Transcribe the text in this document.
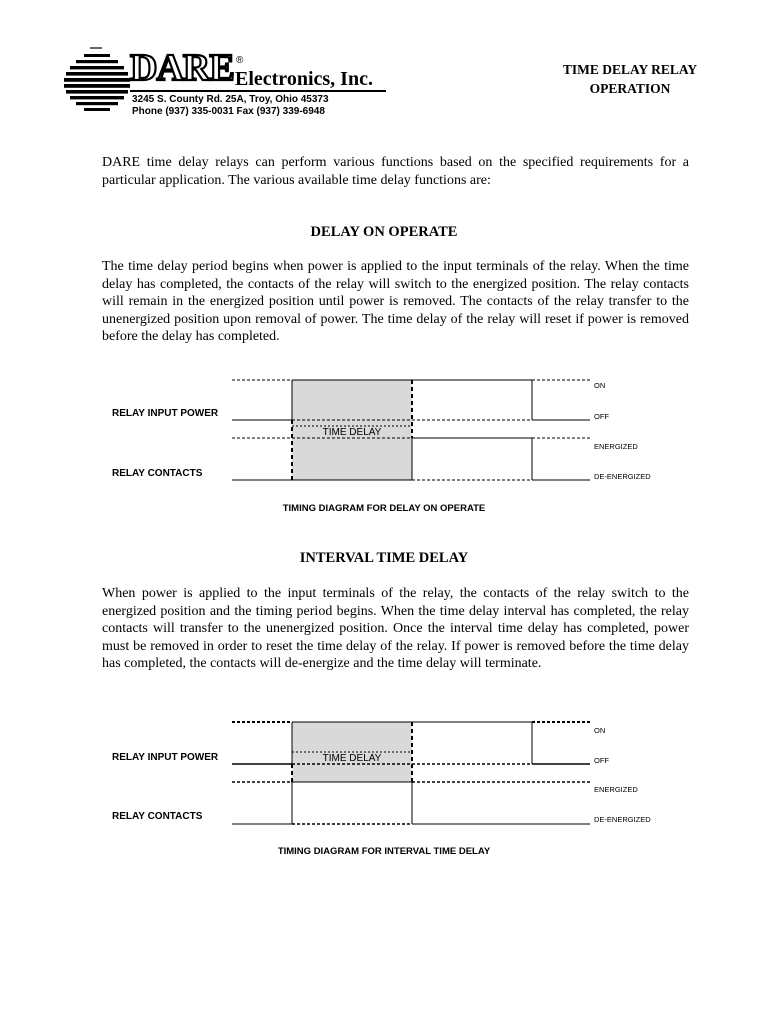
DARE ®
Electronics, Inc.
3245 S. County Rd. 25A, Troy, Ohio 45373
Phone (937) 335-0031 Fax (937) 339-6948
TIME DELAY RELAY
OPERATION

DARE time delay relays can perform various functions based on the specified requirements for a particular application. The various available time delay functions are:

DELAY ON OPERATE

The time delay period begins when power is applied to the input terminals of the relay. When the time delay has completed, the contacts of the relay will switch to the energized position. The relay contacts will remain in the energized position until power is removed. The contacts of the relay transfer to the unenergized position upon removal of power. The time delay of the relay will reset if power is removed before the delay has completed.

TIME DELAY
RELAY INPUT POWER
RELAY CONTACTS
ON
OFF
ENERGIZED
DE-ENERGIZED
TIMING DIAGRAM FOR DELAY ON OPERATE
INTERVAL TIME DELAY

When power is applied to the input terminals of the relay, the contacts of the relay switch to the energized position and the timing period begins. When the time delay interval has completed, the relay contacts will transfer to the unenergized position. Once the interval time delay has completed, power must be removed in order to reset the time delay of the relay. If power is removed before the time delay has completed, the contacts will de-energize and the time delay will terminate.

TIME DELAY
RELAY INPUT POWER
RELAY CONTACTS
ON
OFF
ENERGIZED
DE-ENERGIZED
TIMING DIAGRAM FOR INTERVAL TIME DELAY
